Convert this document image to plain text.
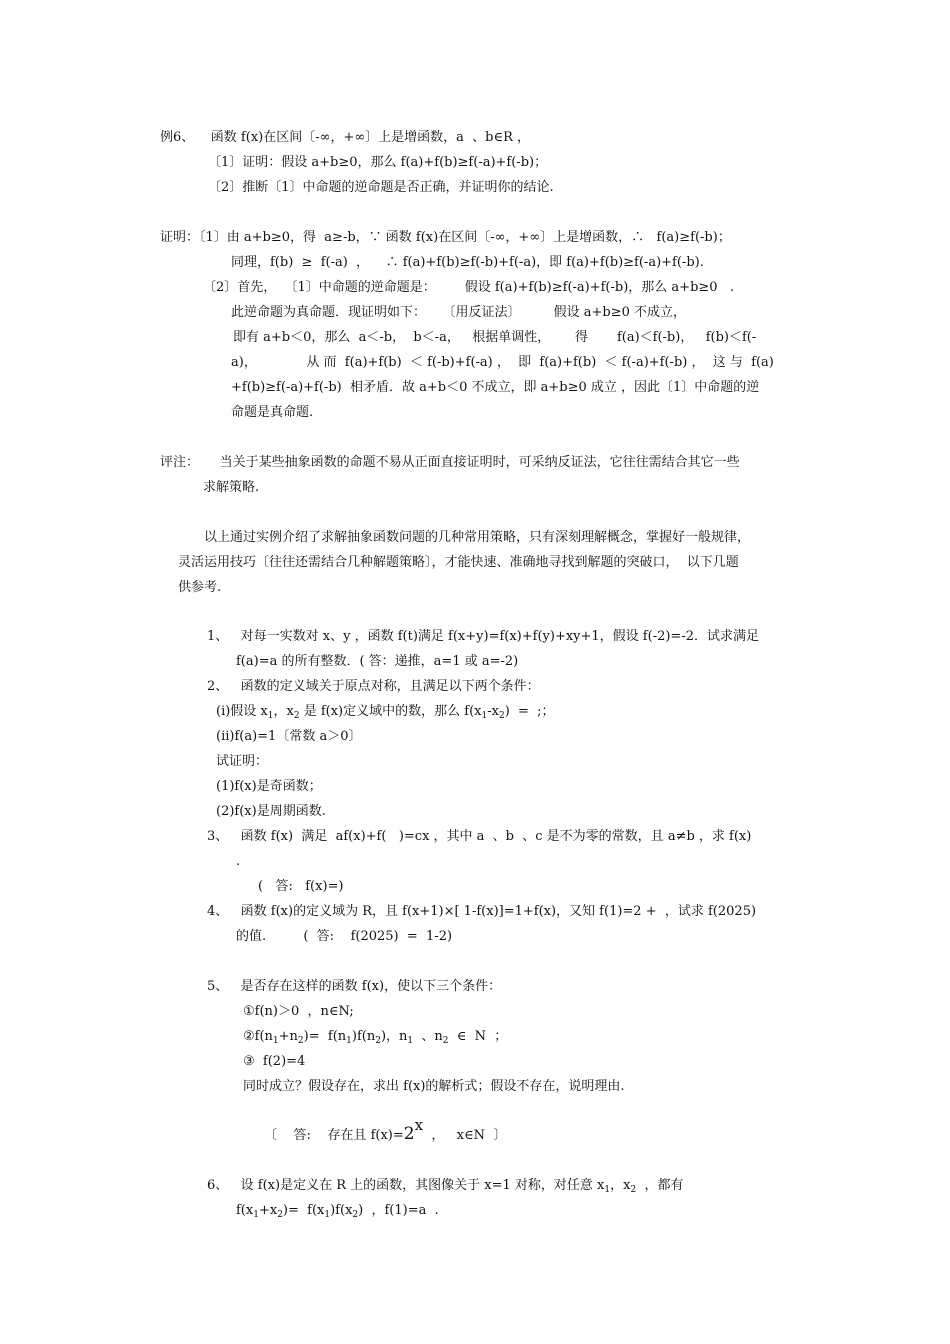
例6、    函数 f(x)在区间〔-∞，+∞〕上是增函数，a  、b∈R ，
〔1〕证明：假设 a+b≥0，那么 f(a)+f(b)≥f(-a)+f(-b)；
〔2〕推断〔1〕中命题的逆命题是否正确，并证明你的结论.
证明：〔1〕由 a+b≥0，得  a≥-b，∵ 函数 f(x)在区间〔-∞，+∞〕上是增函数，∴   f(a)≥f(-b)；
同理，f(b)  ≥  f(-a)  ，    ∴ f(a)+f(b)≥f(-b)+f(-a)，即 f(a)+f(b)≥f(-a)+f(-b).
〔2〕首先，  〔1〕中命题的逆命题是：       假设 f(a)+f(b)≥f(-a)+f(-b)，那么 a+b≥0   .
此逆命题为真命题．现证明如下：    〔用反证法〕        假设 a+b≥0 不成立，
即有 a+b＜0，那么  a＜-b，  b＜-a，   根据单调性，      得       f(a)＜f(-b)，   f(b)＜f(-
a)，            从 而  f(a)+f(b)  ＜ f(-b)+f(-a) ，  即  f(a)+f(b)  ＜ f(-a)+f(-b) ，  这 与  f(a)
+f(b)≥f(-a)+f(-b)  相矛盾．故 a+b＜0 不成立，即 a+b≥0 成立 ，因此〔1〕中命题的逆
命题是真命题.
评注：     当关于某些抽象函数的命题不易从正面直接证明时，可采纳反证法，它往往需结合其它一些
求解策略.
以上通过实例介绍了求解抽象函数问题的几种常用策略，只有深刻理解概念，掌握好一般规律，
灵活运用技巧〔往往还需结合几种解题策略〕，才能快速、准确地寻找到解题的突破口，  以下几题
供参考.
1、   对每一实数对 x、y ，函数 f(t)满足 f(x+y)=f(x)+f(y)+xy+1，假设 f(-2)=-2．试求满足
f(a)=a 的所有整数．( 答：递推，a=1 或 a=-2)
2、   函数的定义域关于原点对称，且满足以下两个条件：
(ⅰ)假设 $x_1$，$x_2$ 是 f(x)定义域中的数，那么 $f(x_1-x_2)$  =  ;；
(ⅱ)f(a)=1〔常数 a＞0〕
试证明：
(1)f(x)是奇函数；
(2)f(x)是周期函数.
3、   函数 f(x)  满足  af(x)+f(   )=cx ，其中 a  、b  、c 是不为零的常数，且 a≠b ，求 f(x)
.
(   答:   f(x)=)
4、   函数 f(x)的定义域为 R，且 f(x+1)×[ 1-f(x)]=1+f(x)，又知 f(1)=2 +  ，试求 f(2025)
的值.         (  答:    f(2025)  =  1-2)
5、   是否存在这样的函数 f(x)，使以下三个条件：
①f(n)＞0  ，n∈N;
$②f(n_1+n_2)= f(n_1)f(n_2)$，$n_1$  、$n_2$  ∈  N  ；
③  f(2)=4
同时成立？假设存在，求出 f(x)的解析式；假设不存在，说明理由.
〔    答:    存在且 f(x)=2x  ，   x∈N  〕
6、   设 f(x)是定义在 R 上的函数，其图像关于 x=1 对称，对任意 $x_1$，$x_2$  ，都有
$f(x_1+x_2)= f(x_1)f(x_2)$  ，f(1)=a  .
